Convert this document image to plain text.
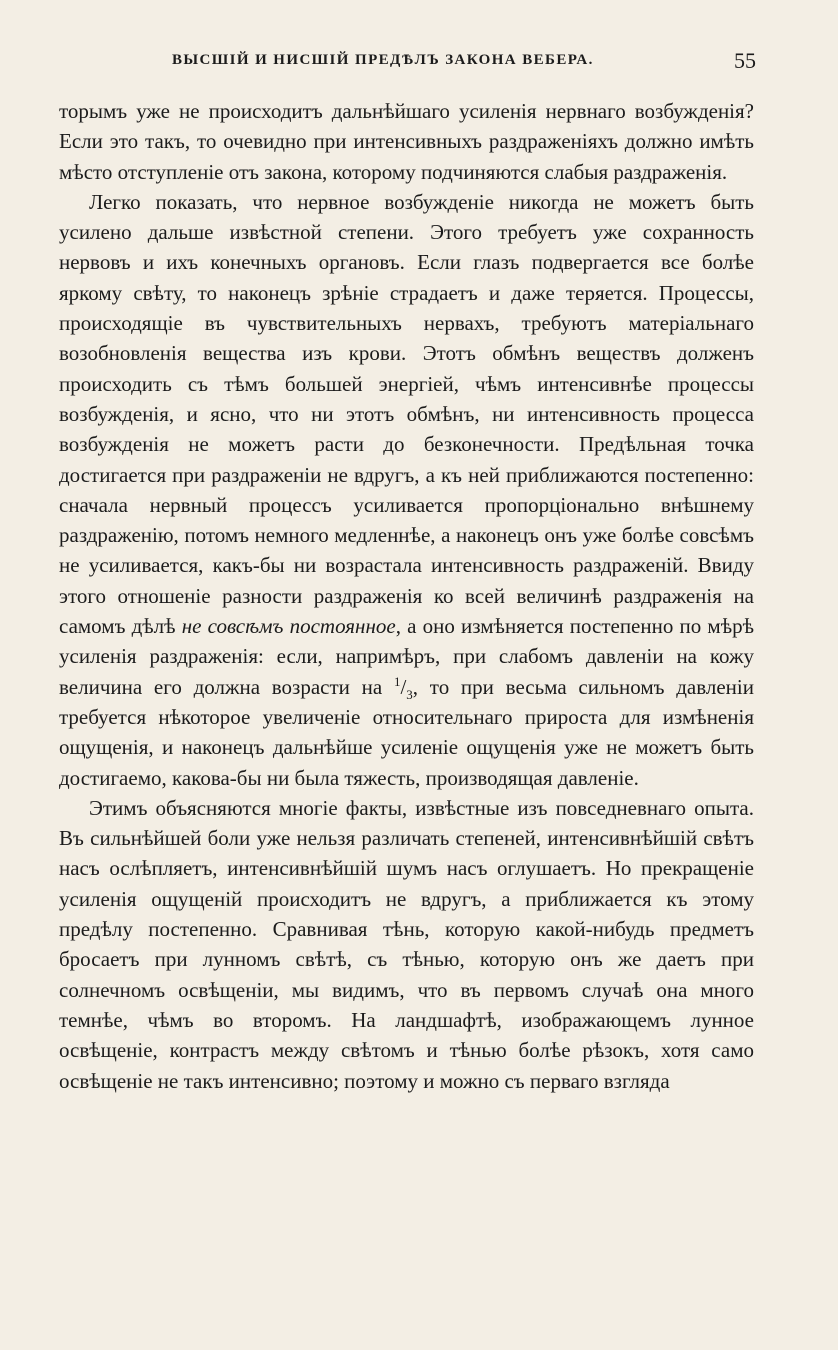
ВЫСШІЙ И НИСШІЙ ПРЕДѢЛЪ ЗАКОНА ВЕБЕРА.	55

торымъ уже не происходитъ дальнѣйшаго усиленія нервнаго возбужденія? Если это такъ, то очевидно при интенсивныхъ раздраженіяхъ должно имѣть мѣсто отступленіе отъ закона, которому подчиняются слабыя раздраженія.

Легко показать, что нервное возбужденіе никогда не можетъ быть усилено дальше извѣстной степени. Этого требуетъ уже сохранность нервовъ и ихъ конечныхъ органовъ. Если глазъ подвергается все болѣе яркому свѣту, то наконецъ зрѣніе страдаетъ и даже теряется. Процессы, происходящіе въ чувствительныхъ нервахъ, требуютъ матеріальнаго возобновленія вещества изъ крови. Этотъ обмѣнъ веществъ долженъ происходить съ тѣмъ большей энергіей, чѣмъ интенсивнѣе процессы возбужденія, и ясно, что ни этотъ обмѣнъ, ни интенсивность процесса возбужденія не можетъ расти до безконечности. Предѣльная точка достигается при раздраженіи не вдругъ, а къ ней приближаются постепенно: сначала нервный процессъ усиливается пропорціонально внѣшнему раздраженію, потомъ немного медленнѣе, а наконецъ онъ уже болѣе совсѣмъ не усиливается, какъ-бы ни возрастала интенсивность раздраженій. Ввиду этого отношеніе разности раздраженія ко всей величинѣ раздраженія на самомъ дѣлѣ не совсѣмъ постоянное, а оно измѣняется постепенно по мѣрѣ усиленія раздраженія: если, напримѣръ, при слабомъ давленіи на кожу величина его должна возрасти на $^1/_3$, то при весьма сильномъ давленіи требуется нѣкоторое увеличеніе относительнаго прироста для измѣненія ощущенія, и наконецъ дальнѣйше усиленіе ощущенія уже не можетъ быть достигаемо, какова-бы ни была тяжесть, производящая давленіе.

Этимъ объясняются многіе факты, извѣстные изъ повседневнаго опыта. Въ сильнѣйшей боли уже нельзя различать степеней, интенсивнѣйшій свѣтъ насъ ослѣпляетъ, интенсивнѣйшій шумъ насъ оглушаетъ. Но прекращеніе усиленія ощущеній происходитъ не вдругъ, а приближается къ этому предѣлу постепенно. Сравнивая тѣнь, которую какой-нибудь предметъ бросаетъ при лунномъ свѣтѣ, съ тѣнью, которую онъ же даетъ при солнечномъ освѣщеніи, мы видимъ, что въ первомъ случаѣ она много темнѣе, чѣмъ во второмъ. На ландшафтѣ, изображающемъ лунное освѣщеніе, контрастъ между свѣтомъ и тѣнью болѣе рѣзокъ, хотя само освѣщеніе не такъ интенсивно; поэтому и можно съ перваго взгляда
